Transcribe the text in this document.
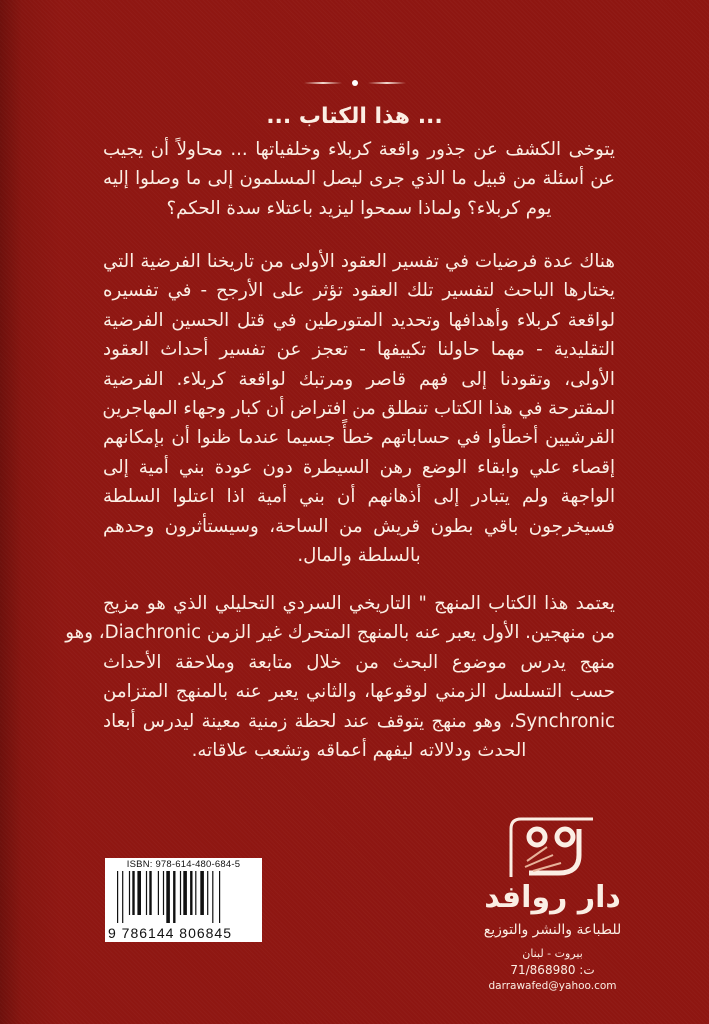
... هذا الكتاب ...
يتوخى الكشف عن جذور واقعة كربلاء وخلفياتها ... محاولاً أن يجيب
عن أسئلة من قبيل ما الذي جرى ليصل المسلمون إلى ما وصلوا إليه
يوم كربلاء؟ ولماذا سمحوا ليزيد باعتلاء سدة الحكم؟
هناك عدة فرضيات في تفسير العقود الأولى من تاريخنا الفرضية التي
يختارها الباحث لتفسير تلك العقود تؤثر على الأرجح - في تفسيره
لواقعة كربلاء وأهدافها وتحديد المتورطين في قتل الحسين الفرضية
التقليدية - مهما حاولنا تكييفها - تعجز عن تفسير أحداث العقود
الأولى، وتقودنا إلى فهم قاصر ومرتبك لواقعة كربلاء. الفرضية
المقترحة في هذا الكتاب تنطلق من افتراض أن كبار وجهاء المهاجرين
القرشيين أخطأوا في حساباتهم خطأً جسيما عندما ظنوا أن بإمكانهم
إقصاء علي وابقاء الوضع رهن السيطرة دون عودة بني أمية إلى
الواجهة ولم يتبادر إلى أذهانهم أن بني أمية اذا اعتلوا السلطة
فسيخرجون باقي بطون قريش من الساحة، وسيستأثرون وحدهم
بالسلطة والمال.
يعتمد هذا الكتاب المنهج " التاريخي السردي التحليلي الذي هو مزيج
من منهجين. الأول يعبر عنه بالمنهج المتحرك غير الزمن Diachronic، وهو
منهج يدرس موضوع البحث من خلال متابعة وملاحقة الأحداث
حسب التسلسل الزمني لوقوعها، والثاني يعبر عنه بالمنهج المتزامن
Synchronic، وهو منهج يتوقف عند لحظة زمنية معينة ليدرس أبعاد
الحدث ودلالاته ليفهم أعماقه وتشعب علاقاته.
ISBN: 978-614-480-684-5
9 786144 806845
دار روافد
للطباعة والنشر والتوزيع
بيروت - لبنان
ت: 71/868980
darrawafed@yahoo.com
